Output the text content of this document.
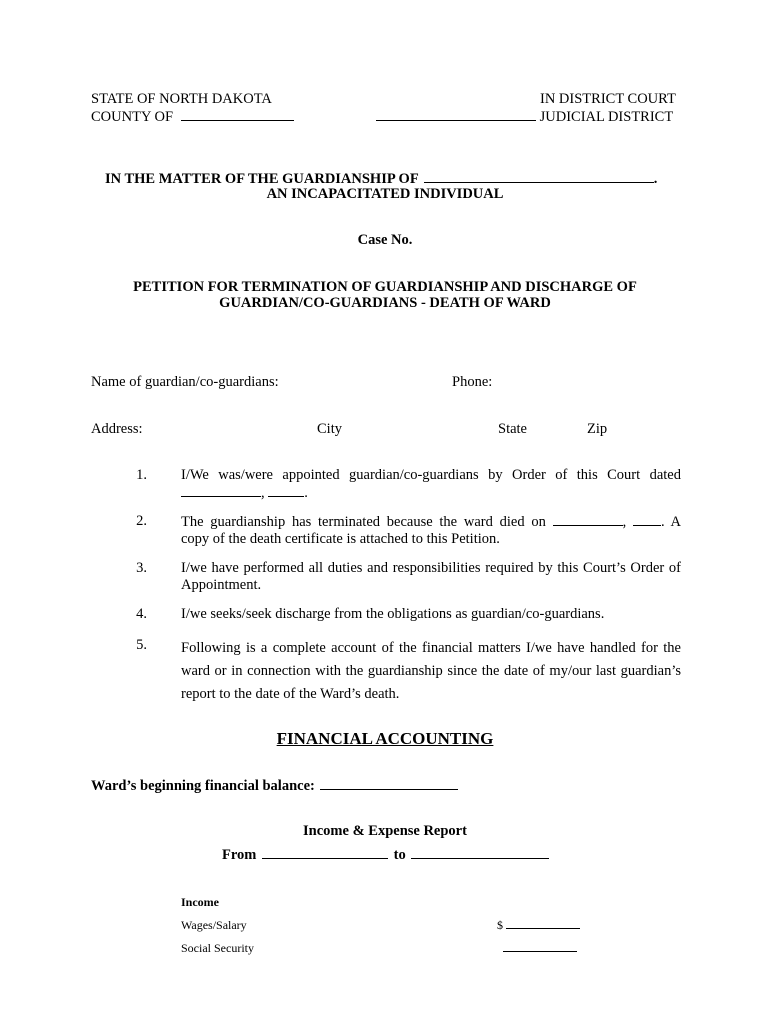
STATE OF NORTH DAKOTA
COUNTY OF
IN DISTRICT COURT
JUDICIAL DISTRICT
IN THE MATTER OF THE GUARDIANSHIP OF	.
AN INCAPACITATED INDIVIDUAL
Case No.
PETITION FOR TERMINATION OF GUARDIANSHIP AND DISCHARGE OF
GUARDIAN/CO-GUARDIANS - DEATH OF WARD
Name of guardian/co-guardians:	Phone:
Address:	City	State	Zip
1. I/We was/were appointed guardian/co-guardians by Order of this Court dated
,	.
2. The guardianship has terminated because the ward died on	, . A
copy of the death certificate is attached to this Petition.
3. I/we have performed all duties and responsibilities required by this Court’s Order of
Appointment.
4. I/we seeks/seek discharge from the obligations as guardian/co-guardians.
5. Following is a complete account of the financial matters I/we have handled for the
ward or in connection with the guardianship since the date of my/our last guardian’s
report to the date of the Ward’s death.
FINANCIAL ACCOUNTING
Ward’s beginning financial balance:
Income & Expense Report
From	to
Income
Wages/Salary	$
Social Security
